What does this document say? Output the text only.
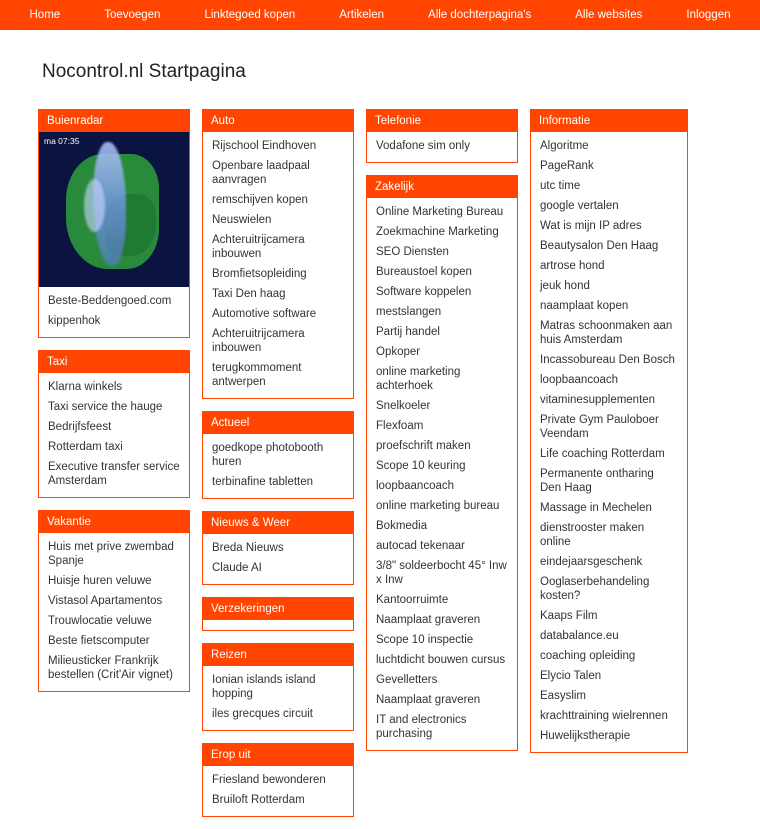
Home	Toevoegen	Linktegoed kopen	Artikelen	Alle dochterpagina's	Alle websites	Inloggen
Nocontrol.nl Startpagina
Buienradar
ma 07:35
Beste-Beddengoed.com
kippenhok
Taxi
Klarna winkels
Taxi service the hauge
Bedrijfsfeest
Rotterdam taxi
Executive transfer service Amsterdam
Vakantie
Huis met prive zwembad Spanje
Huisje huren veluwe
Vistasol Apartamentos
Trouwlocatie veluwe
Beste fietscomputer
Milieusticker Frankrijk bestellen (Crit'Air vignet)
Auto
Rijschool Eindhoven
Openbare laadpaal aanvragen
remschijven kopen
Neuswielen
Achteruitrijcamera inbouwen
Bromfietsopleiding
Taxi Den haag
Automotive software
Achteruitrijcamera inbouwen
terugkommoment antwerpen
Actueel
goedkope photobooth huren
terbinafine tabletten
Nieuws & Weer
Breda Nieuws
Claude AI
Verzekeringen
Reizen
Ionian islands island hopping
iles grecques circuit
Erop uit
Friesland bewonderen
Bruiloft Rotterdam
Telefonie
Vodafone sim only
Zakelijk
Online Marketing Bureau
Zoekmachine Marketing
SEO Diensten
Bureaustoel kopen
Software koppelen
mestslangen
Partij handel
Opkoper
online marketing achterhoek
Snelkoeler
Flexfoam
proefschrift maken
Scope 10 keuring
loopbaancoach
online marketing bureau
Bokmedia
autocad tekenaar
3/8" soldeerbocht 45° Inw x Inw
Kantoorruimte
Naamplaat graveren
Scope 10 inspectie
luchtdicht bouwen cursus
Gevelletters
Naamplaat graveren
IT and electronics purchasing
Informatie
Algoritme
PageRank
utc time
google vertalen
Wat is mijn IP adres
Beautysalon Den Haag
artrose hond
jeuk hond
naamplaat kopen
Matras schoonmaken aan huis Amsterdam
Incassobureau Den Bosch
loopbaancoach
vitaminesupplementen
Private Gym Pauloboer Veendam
Life coaching Rotterdam
Permanente ontharing Den Haag
Massage in Mechelen
dienstrooster maken online
eindejaarsgeschenk
Ooglaserbehandeling kosten?
Kaaps Film
databalance.eu
coaching opleiding
Elycio Talen
Easyslim
krachttraining wielrennen
Huwelijkstherapie
